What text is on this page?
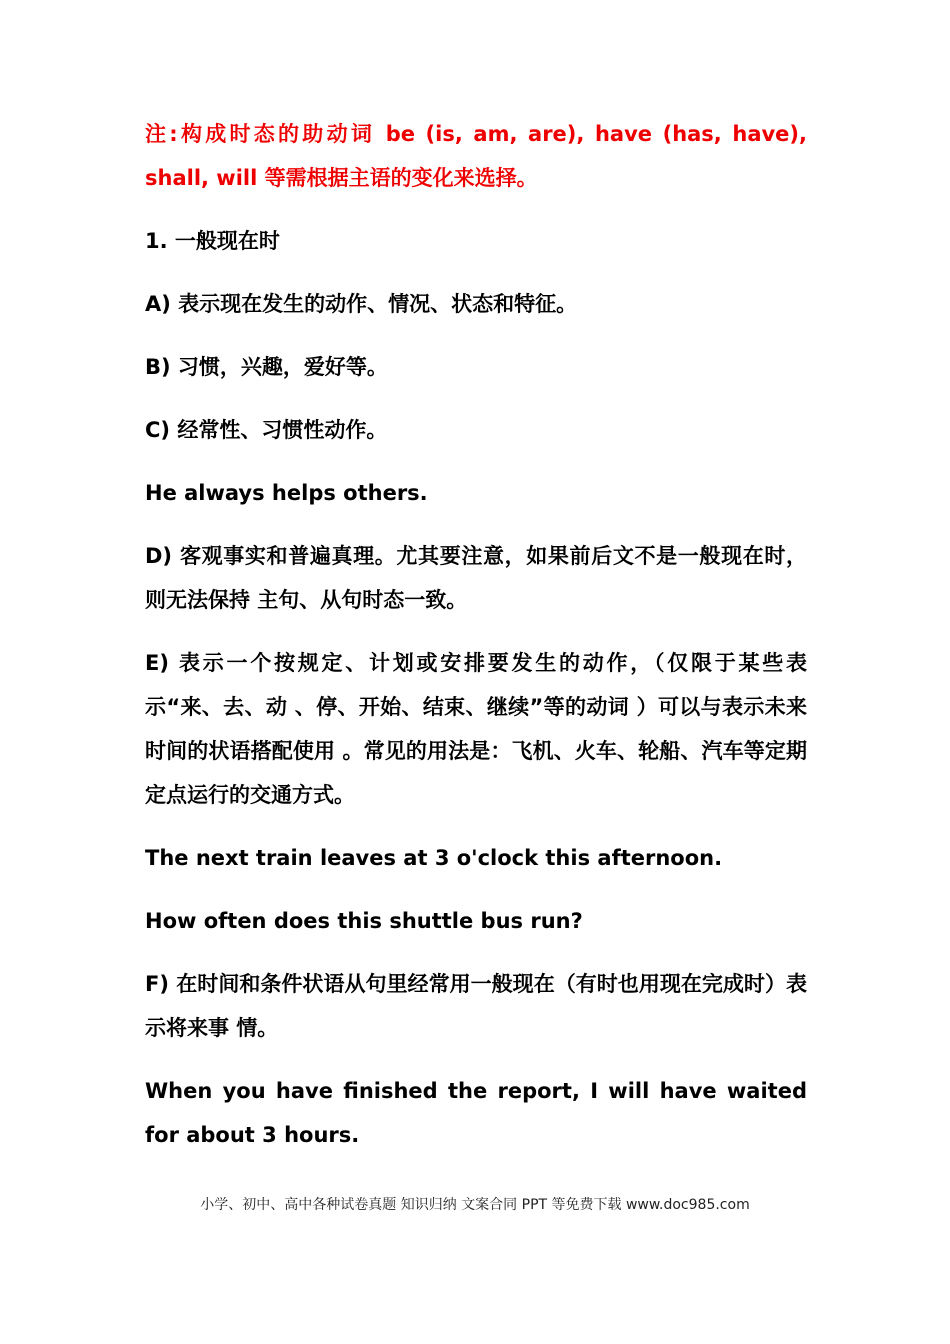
注:构成时态的助动词 be (is, am, are), have (has, have), shall, will 等需根据主语的变化来选择。

1. 一般现在时

A) 表示现在发生的动作、情况、状态和特征。

B) 习惯，兴趣，爱好等。

C) 经常性、习惯性动作。

He always helps others.

D) 客观事实和普遍真理。尤其要注意，如果前后文不是一般现在时，则无法保持 主句、从句时态一致。

E) 表示一个按规定、计划或安排要发生的动作，（仅限于某些表示“来、去、动 、停、开始、结束、继续”等的动词 ）可以与表示未来时间的状语搭配使用 。常见的用法是：飞机、火车、轮船、汽车等定期定点运行的交通方式。

The next train leaves at 3 o'clock this afternoon.

How often does this shuttle bus run?

F) 在时间和条件状语从句里经常用一般现在（有时也用现在完成时）表示将来事 情。

When you have finished the report, I will have waited for about 3 hours.

小学、初中、高中各种试卷真题 知识归纳 文案合同 PPT 等免费下载 www.doc985.com
